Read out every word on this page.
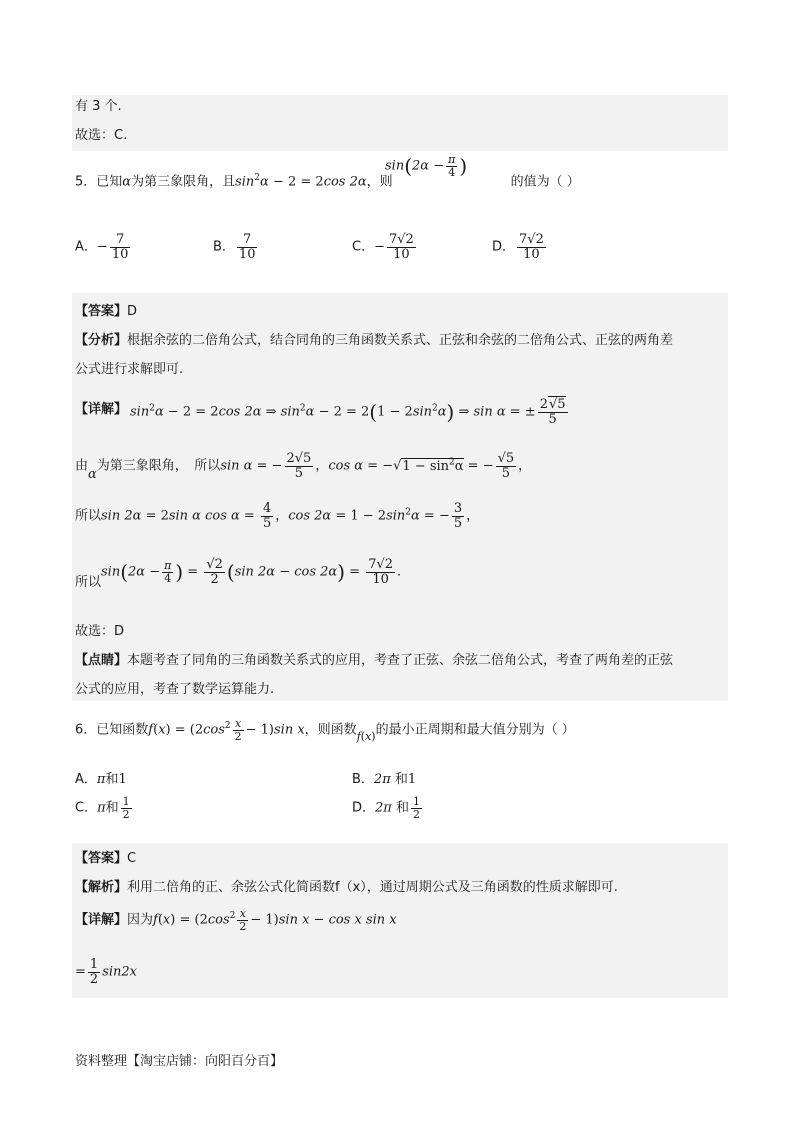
有 3 个.
故选：C.
5．已知α为第三象限角，且$\sin^2\alpha - 2 = 2\cos$ 2α，则
$\sin(2\alpha - \frac{\pi}{4}$ )
的值为（ ）
A．− $\frac{7}{10}$	B． $\frac{7}{10}$	C．− $\frac{7√2}{10}$	D． $\frac{7√2}{10}$
【答案】D
【分析】根据余弦的二倍角公式，结合同角的三角函数关系式、正弦和余弦的二倍角公式、正弦的两角差
公式进行求解即可.
【详解】 $\sin^2\alpha - 2 = 2\cos$ 2α ⇒ $\sin^2\alpha - 2 = 2(1 - 2\sin^2\alpha)$ ⇒ sin α = ± $\frac{2√5}{5}$
由α为第三象限角，　所以sin α = − $\frac{2√5}{5}$ ，$\cos \alpha = -√1 - \sin^2\alpha$ = − $\frac{√5}{5}$ ，
所以sin 2α = 2sin α $\cos \alpha = \frac{4}{5}$ ，$\cos 2\alpha = 1 - 2\sin^2\alpha$ = − $\frac{3}{5}$ ，
所以$\sin(2\alpha - \frac{\pi}{4}$ ) = $\frac{√2}{2} (\sin$ $2\alpha - \cos 2\alpha) = \frac{7√2}{10}$ .
故选：D
【点睛】本题考查了同角的三角函数关系式的应用，考查了正弦、余弦二倍角公式，考查了两角差的正弦
公式的应用，考查了数学运算能力.
6．已知函数$f(x) = (2\cos^2 \frac{x}{2} - 1)\sin$ x，则函数$_{f(x)}$的最小正周期和最大值分别为（ ）
A．π和1	B．2π 和1
C．π和 $\frac{1}{2}$	D．2π 和 $\frac{1}{2}$
【答案】C
【解析】利用二倍角的正、余弦公式化简函数f（x），通过周期公式及三角函数的性质求解即可.
【详解】因为$f(x) = (2\cos^2 \frac{x}{2} - 1)\sin$ x − cos x sin x
= $\frac{1}{2} \sin 2x$
资料整理【淘宝店铺：向阳百分百】
